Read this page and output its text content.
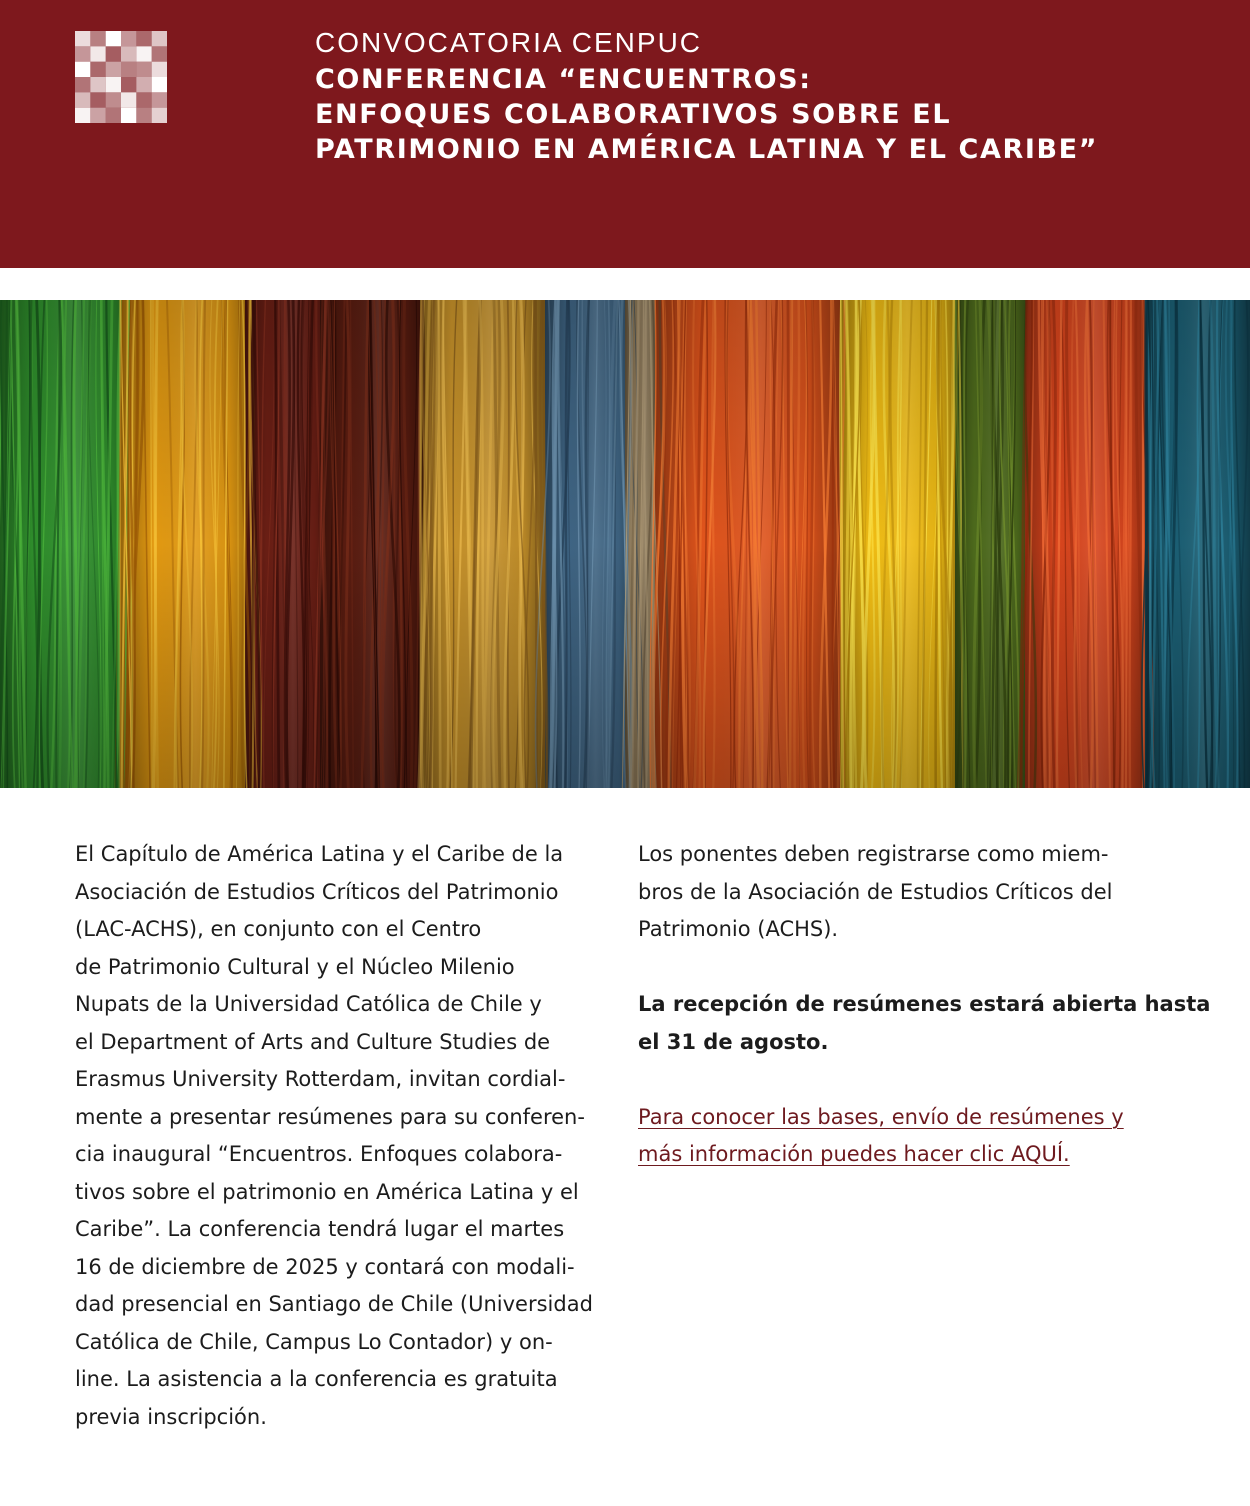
CONVOCATORIA CENPUC
CONFERENCIA “ENCUENTROS:
ENFOQUES COLABORATIVOS SOBRE EL
PATRIMONIO EN AMÉRICA LATINA Y EL CARIBE”
El Capítulo de América Latina y el Caribe de la
Asociación de Estudios Críticos del Patrimonio
(LAC-ACHS), en conjunto con el Centro
de Patrimonio Cultural y el Núcleo Milenio
Nupats de la Universidad Católica de Chile y
el Department of Arts and Culture Studies de
Erasmus University Rotterdam, invitan cordial-
mente a presentar resúmenes para su conferen-
cia inaugural “Encuentros. Enfoques colabora-
tivos sobre el patrimonio en América Latina y el
Caribe”. La conferencia tendrá lugar el martes
16 de diciembre de 2025 y contará con modali-
dad presencial en Santiago de Chile (Universidad
Católica de Chile, Campus Lo Contador) y on-
line. La asistencia a la conferencia es gratuita
previa inscripción.
Los ponentes deben registrarse como miem-
bros de la Asociación de Estudios Críticos del
Patrimonio (ACHS).
La recepción de resúmenes estará abierta hasta
el 31 de agosto.
Para conocer las bases, envío de resúmenes y
más información puedes hacer clic AQUÍ.
